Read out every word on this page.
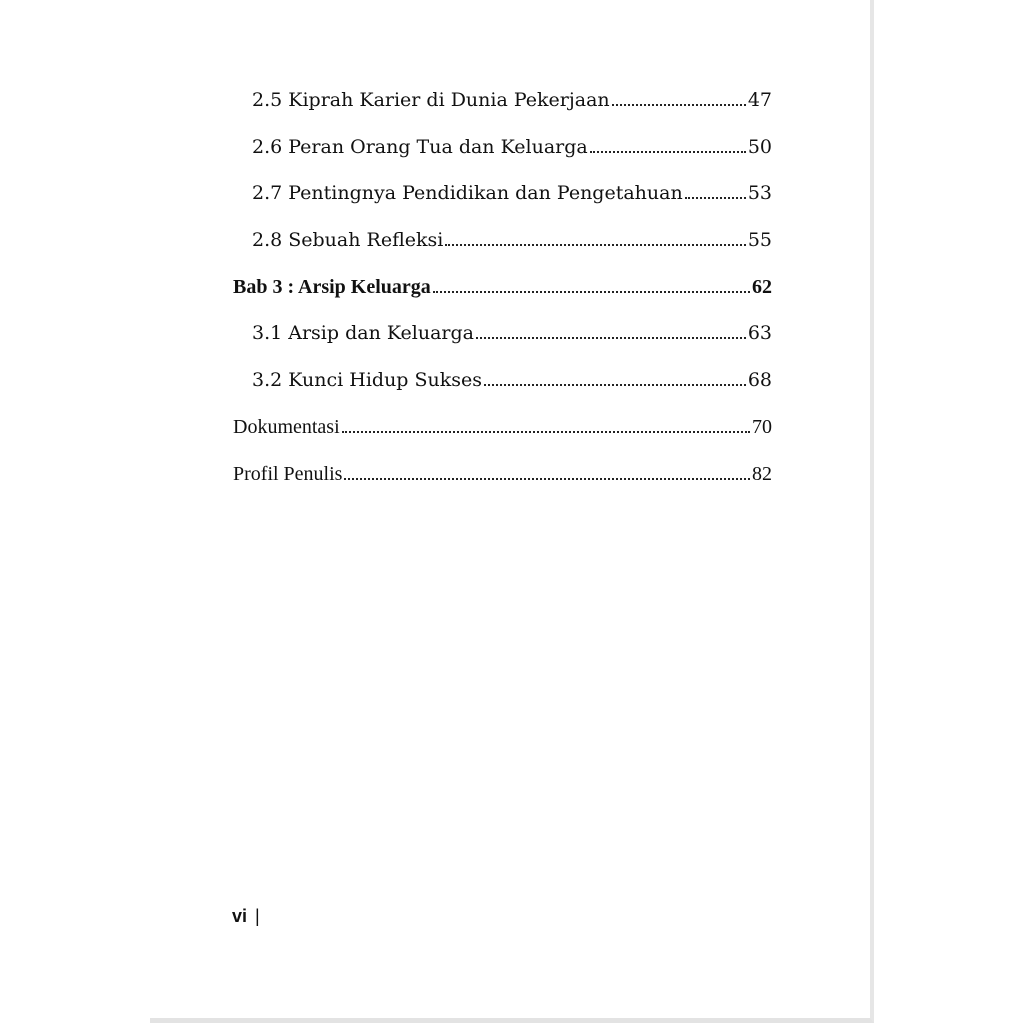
2.5 Kiprah Karier di Dunia Pekerjaan	47
2.6 Peran Orang Tua dan Keluarga	50
2.7 Pentingnya Pendidikan dan Pengetahuan	53
2.8 Sebuah Refleksi	55
Bab 3 : Arsip Keluarga	62
3.1 Arsip dan Keluarga	63
3.2 Kunci Hidup Sukses	68
Dokumentasi	70
Profil Penulis	82
vi |
